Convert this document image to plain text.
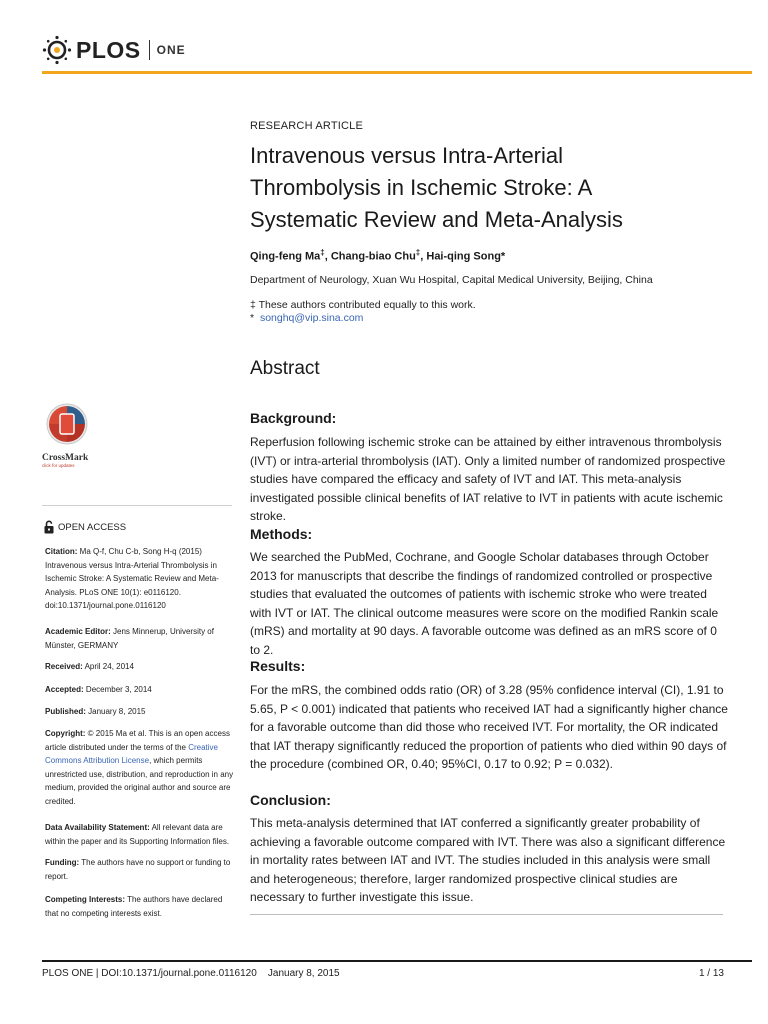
PLOS ONE
RESEARCH ARTICLE
Intravenous versus Intra-Arterial
Thrombolysis in Ischemic Stroke: A
Systematic Review and Meta-Analysis
Qing-feng Ma‡, Chang-biao Chu‡, Hai-qing Song*
Department of Neurology, Xuan Wu Hospital, Capital Medical University, Beijing, China
‡ These authors contributed equally to this work.
* songhq@vip.sina.com
Abstract
Background:
Reperfusion following ischemic stroke can be attained by either intravenous thrombolysis (IVT) or intra-arterial thrombolysis (IAT). Only a limited number of randomized prospective studies have compared the efficacy and safety of IVT and IAT. This meta-analysis investigated possible clinical benefits of IAT relative to IVT in patients with acute ischemic stroke.
Methods:
We searched the PubMed, Cochrane, and Google Scholar databases through October 2013 for manuscripts that describe the findings of randomized controlled or prospective studies that evaluated the outcomes of patients with ischemic stroke who were treated with IVT or IAT. The clinical outcome measures were score on the modified Rankin scale (mRS) and mortality at 90 days. A favorable outcome was defined as an mRS score of 0 to 2.
Results:
For the mRS, the combined odds ratio (OR) of 3.28 (95% confidence interval (CI), 1.91 to 5.65, P < 0.001) indicated that patients who received IAT had a significantly higher chance for a favorable outcome than did those who received IVT. For mortality, the OR indicated that IAT therapy significantly reduced the proportion of patients who died within 90 days of the procedure (combined OR, 0.40; 95%CI, 0.17 to 0.92; P = 0.032).
Conclusion:
This meta-analysis determined that IAT conferred a significantly greater probability of achieving a favorable outcome compared with IVT. There was also a significant difference in mortality rates between IAT and IVT. The studies included in this analysis were small and heterogeneous; therefore, larger randomized prospective clinical studies are necessary to further investigate this issue.
CrossMark
click for updates
OPEN ACCESS
Citation: Ma Q-f, Chu C-b, Song H-q (2015) Intravenous versus Intra-Arterial Thrombolysis in Ischemic Stroke: A Systematic Review and Meta-Analysis. PLoS ONE 10(1): e0116120. doi:10.1371/journal.pone.0116120
Academic Editor: Jens Minnerup, University of Münster, GERMANY
Received: April 24, 2014
Accepted: December 3, 2014
Published: January 8, 2015
Copyright: © 2015 Ma et al. This is an open access article distributed under the terms of the Creative Commons Attribution License, which permits unrestricted use, distribution, and reproduction in any medium, provided the original author and source are credited.
Data Availability Statement: All relevant data are within the paper and its Supporting Information files.
Funding: The authors have no support or funding to report.
Competing Interests: The authors have declared that no competing interests exist.
PLOS ONE | DOI:10.1371/journal.pone.0116120    January 8, 2015	1 / 13
